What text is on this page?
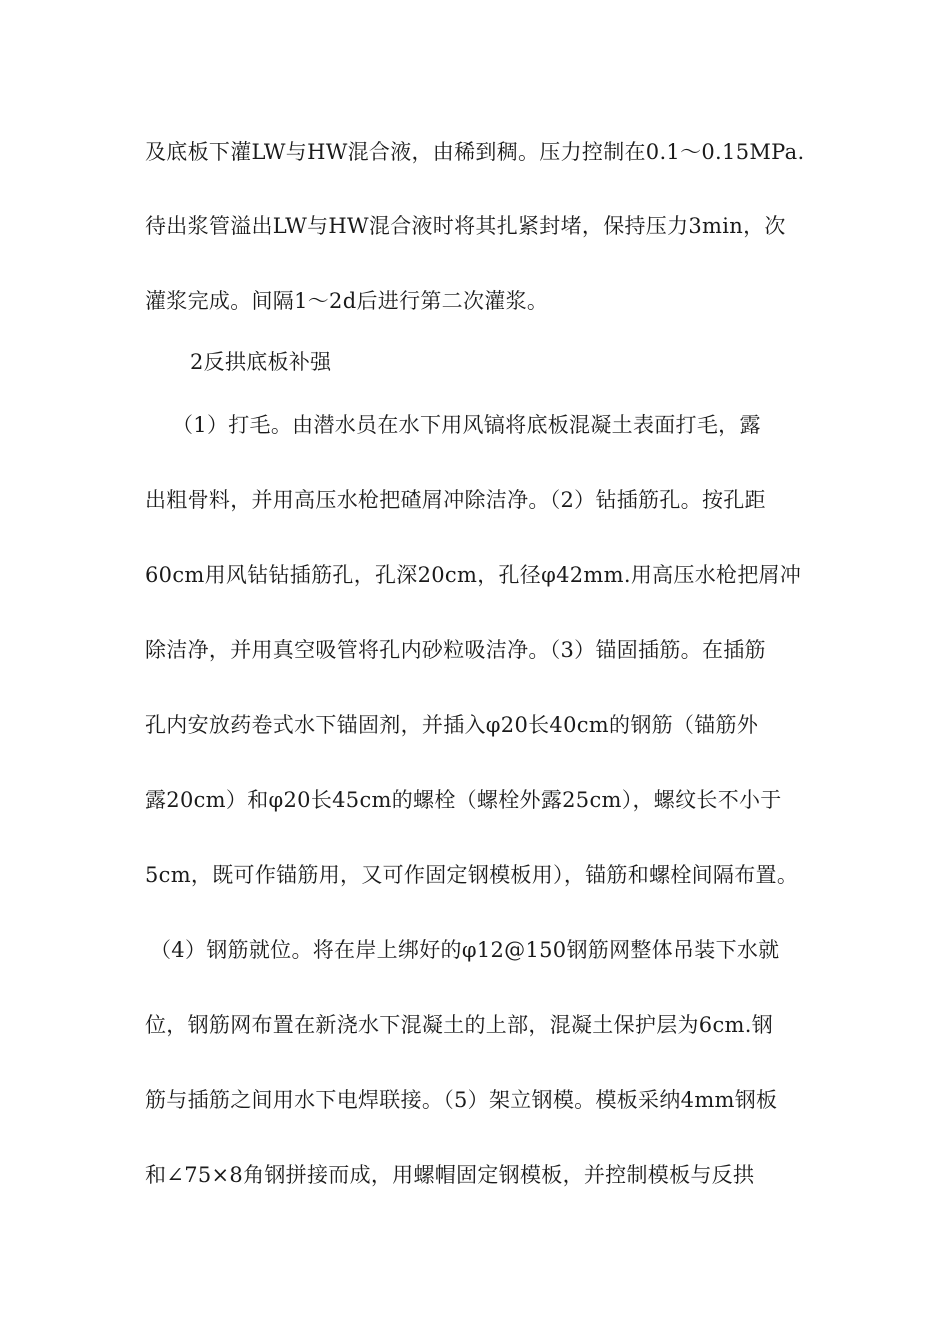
及底板下灌LW与HW混合液，由稀到稠。压力控制在0.1～0.15MPa.
待出浆管溢出LW与HW混合液时将其扎紧封堵，保持压力3min，次
灌浆完成。间隔1～2d后进行第二次灌浆。
2反拱底板补强
（1）打毛。由潜水员在水下用风镐将底板混凝土表面打毛，露
出粗骨料，并用高压水枪把碴屑冲除洁净。（2）钻插筋孔。按孔距
60cm用风钻钻插筋孔，孔深20cm，孔径φ42mm.用高压水枪把屑冲
除洁净，并用真空吸管将孔内砂粒吸洁净。（3）锚固插筋。在插筋
孔内安放药卷式水下锚固剂，并插入φ20长40cm的钢筋（锚筋外
露20cm）和φ20长45cm的螺栓（螺栓外露25cm），螺纹长不小于
5cm，既可作锚筋用，又可作固定钢模板用），锚筋和螺栓间隔布置。
（4）钢筋就位。将在岸上绑好的φ12@150钢筋网整体吊装下水就
位，钢筋网布置在新浇水下混凝土的上部，混凝土保护层为6cm.钢
筋与插筋之间用水下电焊联接。（5）架立钢模。模板采纳4mm钢板
和∠75×8角钢拼接而成，用螺帽固定钢模板，并控制模板与反拱
